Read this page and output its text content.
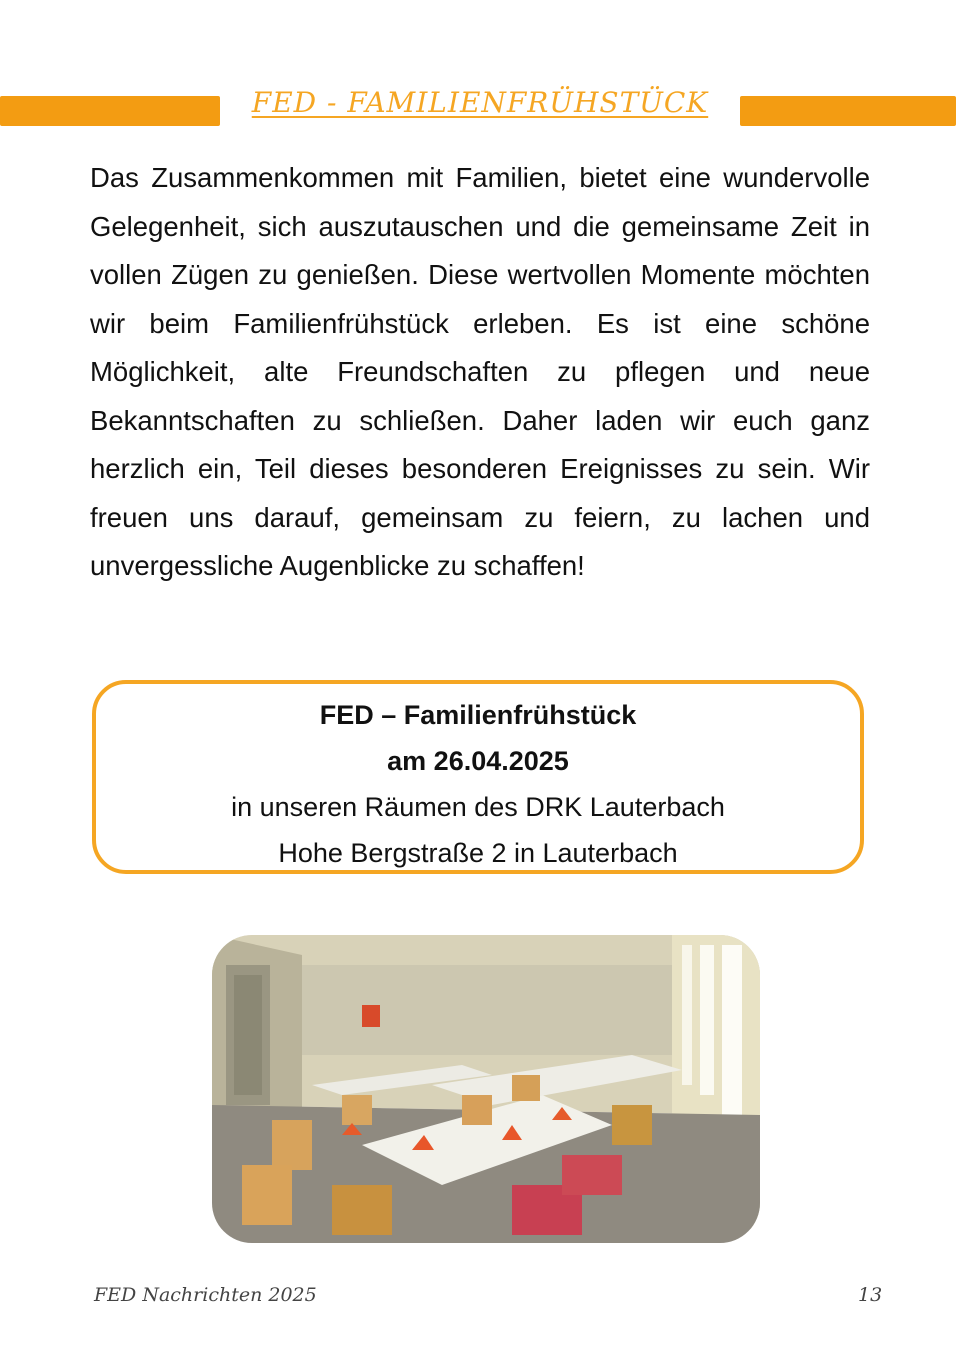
FED - FAMILIENFRÜHSTÜCK
Das Zusammenkommen mit Familien, bietet eine wundervolle Gelegenheit, sich auszutauschen und die gemeinsame Zeit in vollen Zügen zu genießen. Diese wertvollen Momente möchten wir beim Familienfrühstück erleben. Es ist eine schöne Möglichkeit, alte Freundschaften zu pflegen und neue Bekanntschaften zu schließen. Daher laden wir euch ganz herzlich ein, Teil dieses besonderen Ereignisses zu sein. Wir freuen uns darauf, gemeinsam zu feiern, zu lachen und unvergessliche Augenblicke zu schaffen!
FED – Familienfrühstück
am 26.04.2025
in unseren Räumen des DRK Lauterbach
Hohe Bergstraße 2 in Lauterbach
FED Nachrichten 2025	13
